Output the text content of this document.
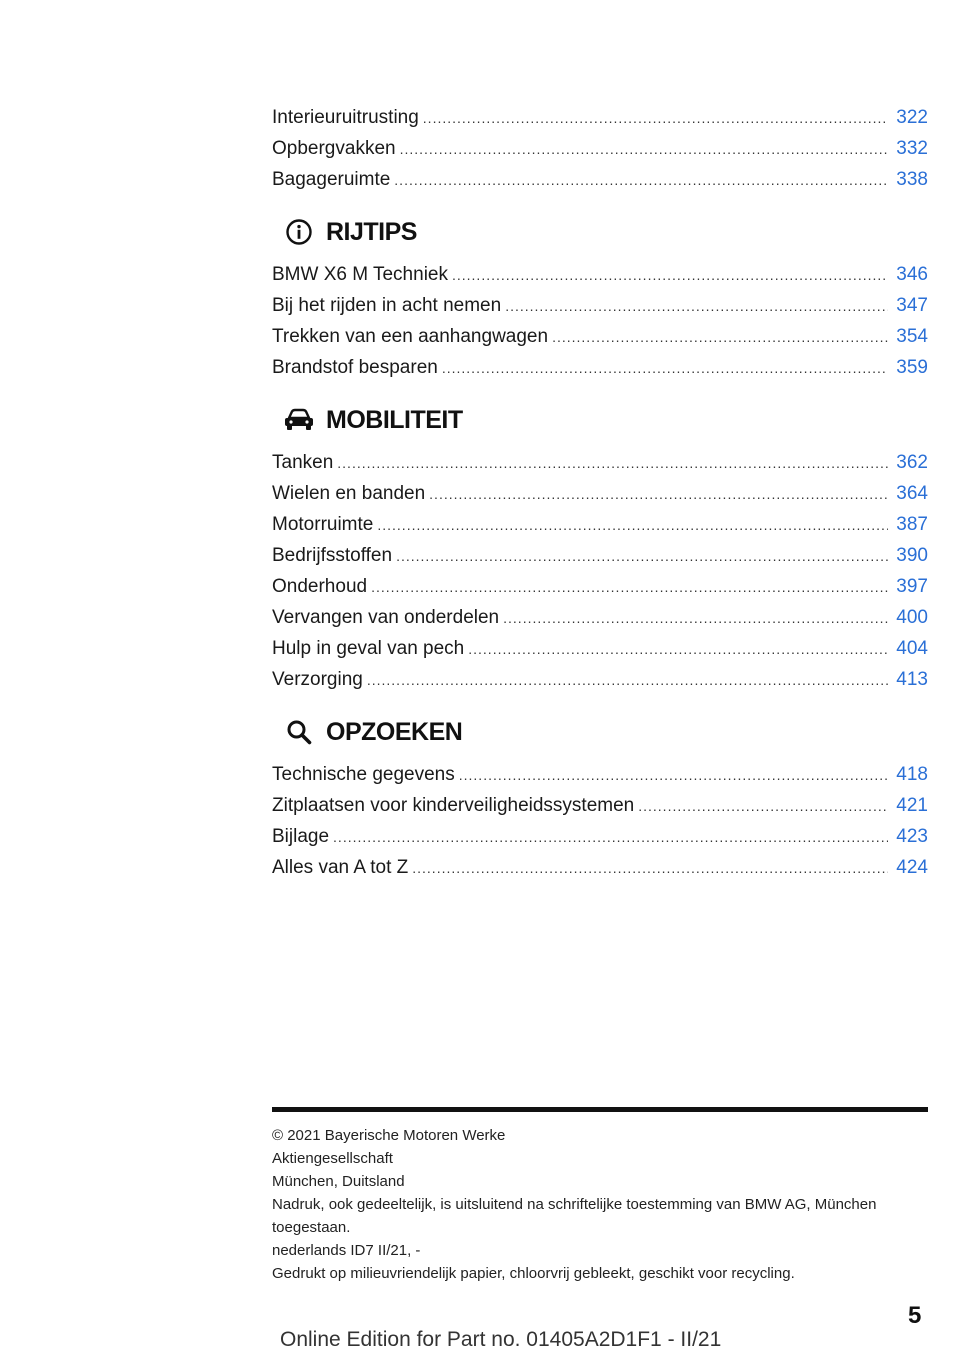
Interieuruitrusting .....	322
Opbergvakken .....	332
Bagageruimte .....	338
RIJTIPS
BMW X6 M Techniek .....	346
Bij het rijden in acht nemen .....	347
Trekken van een aanhangwagen .....	354
Brandstof besparen .....	359
MOBILITEIT
Tanken .....	362
Wielen en banden .....	364
Motorruimte .....	387
Bedrijfsstoffen .....	390
Onderhoud .....	397
Vervangen van onderdelen .....	400
Hulp in geval van pech .....	404
Verzorging .....	413
OPZOEKEN
Technische gegevens .....	418
Zitplaatsen voor kinderveiligheidssystemen .....	421
Bijlage .....	423
Alles van A tot Z .....	424
© 2021 Bayerische Motoren Werke
Aktiengesellschaft
München, Duitsland
Nadruk, ook gedeeltelijk, is uitsluitend na schriftelijke toestemming van BMW AG, München toegestaan.
nederlands ID7 II/21, -
Gedrukt op milieuvriendelijk papier, chloorvrij gebleekt, geschikt voor recycling.
5
Online Edition for Part no. 01405A2D1F1 - II/21
